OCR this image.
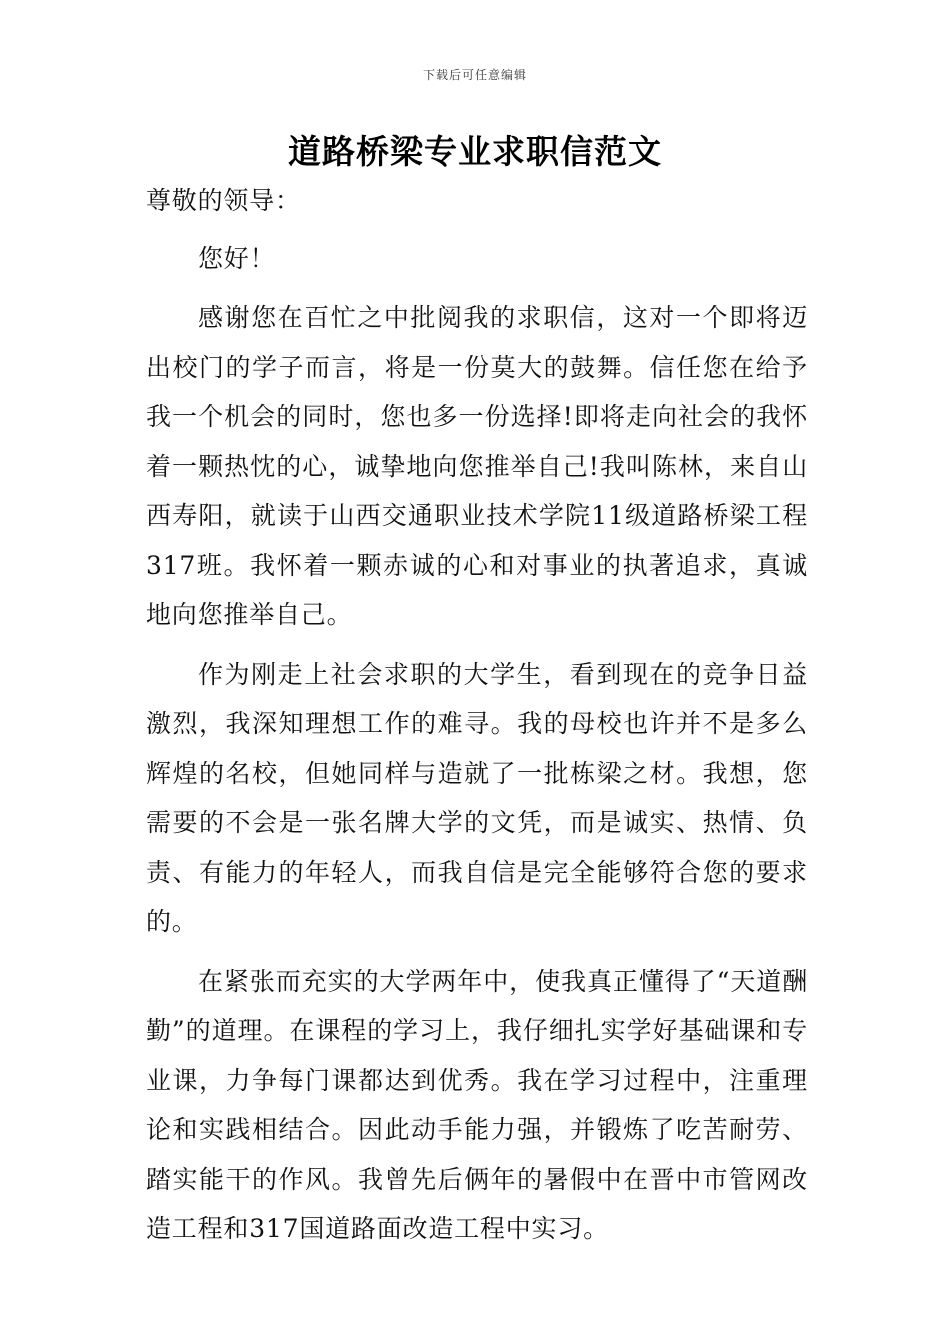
下载后可任意编辑
道路桥梁专业求职信范文

尊敬的领导：

您好！

感谢您在百忙之中批阅我的求职信，这对一个即将迈出校门的学子而言，将是一份莫大的鼓舞。信任您在给予我一个机会的同时，您也多一份选择!即将走向社会的我怀着一颗热忱的心，诚挚地向您推举自己!我叫陈林，来自山西寿阳，就读于山西交通职业技术学院11级道路桥梁工程317班。我怀着一颗赤诚的心和对事业的执著追求，真诚地向您推举自己。

作为刚走上社会求职的大学生，看到现在的竞争日益激烈，我深知理想工作的难寻。我的母校也许并不是多么辉煌的名校，但她同样与造就了一批栋梁之材。我想，您需要的不会是一张名牌大学的文凭，而是诚实、热情、负责、有能力的年轻人，而我自信是完全能够符合您的要求的。

在紧张而充实的大学两年中，使我真正懂得了“天道酬勤”的道理。在课程的学习上，我仔细扎实学好基础课和专业课，力争每门课都达到优秀。我在学习过程中，注重理论和实践相结合。因此动手能力强，并锻炼了吃苦耐劳、踏实能干的作风。我曾先后俩年的暑假中在晋中市管网改造工程和317国道路面改造工程中实习。
